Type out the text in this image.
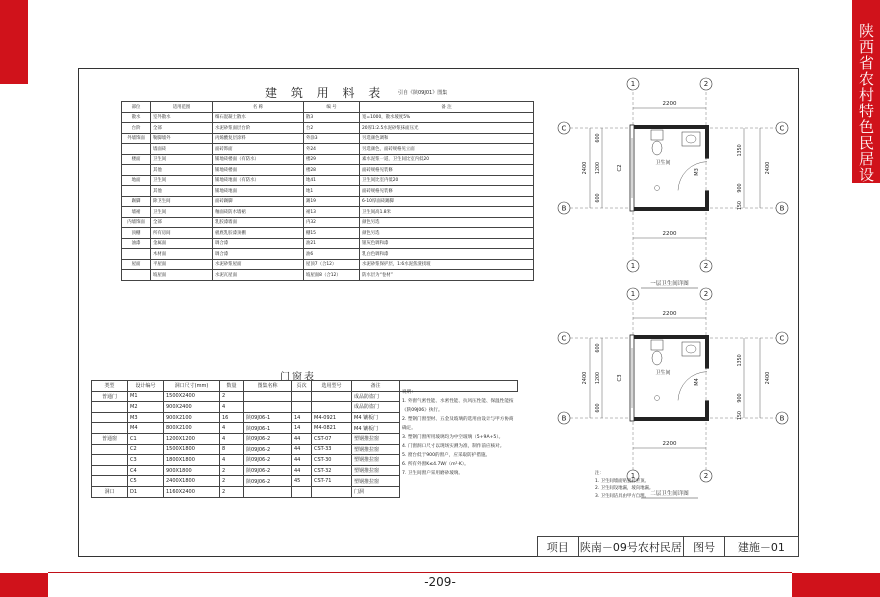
陕西省农村特色民居设计图集
-209-
建 筑 用 料 表	引自《陕09J01》图集
部位	适用范围	名 称	编 号	备 注
散水	室外散水	细石混凝土散水	散3	宽=1000，散水坡度5%
台阶	全部	水泥砂浆面层台阶	台2	20厚1:2.5水泥砂浆抹面压光
外墙饰面	勒脚墙外	丙烯酸复层涂料	外涂3	另选颜色调和
	墙面砖	面砖饰面	外24	另选颜色，面砖规格见立面
楼面	卫生间	铺地砖楼面（有防水）	楼29	素水泥浆一道，卫生间比室内低20
	其他	铺地砖楼面	楼28	面砖规格见装修
地面	卫生间	铺地砖地面（有防水）	地41	卫生间比室内低20
	其他	铺地砖地面	地1	面砖规格见装修
踢脚	除卫生间	面砖踢脚	踢19	6-10厚面砖踢脚
墙裙	卫生间	釉面砖防水墙裙	裙13	卫生间高1.8米
内墙饰面	全部	乳胶漆墙面	内32	颜色另选
顶棚	所有房间	板底乳胶漆顶棚	棚15	颜色另选
油漆	金属面	调合漆	油21	银灰色调和漆
	木材面	调合漆	油6	乳白色调和漆
屋面	平屋面	水泥砂浆屋面	屋顶7（合12）	水泥砂浆保护层，1:6水泥焦渣找坡
	坡屋面	水泥瓦屋面	坡屋面8（合12）	防水层为“卷材”
门窗表
类型	设计编号	洞口尺寸(mm)	数量	图集名称	页次	选用型号	备注	
普通门	M1	1500X2400	2				成品防盗门	
	M2	900X2400	4				成品防盗门	
	M3	900X2100	16	陕09J06-1	14	M4-0921	M4 镶板门	
	M4	800X2100	4	陕09J06-1	14	M4-0821	M4 镶板门	
普通窗	C1	1200X1200	4	陕09J06-2	44	CST-07	塑钢推拉窗	
	C2	1500X1800	8	陕09J06-2	44	CST-33	塑钢推拉窗	
	C3	1800X1800	4	陕09J06-2	44	CST-30	塑钢推拉窗	
	C4	900X1800	2	陕09J06-2	44	CST-32	塑钢推拉窗	
	C5	2400X1800	2	陕09J06-2	45	CST-71	塑钢推拉窗	
洞口	D1	1160X2400	2				门洞	
说明：
1. 外窗气密性能、水密性能、抗风压性能、保温性能按《陕09J06》执行。
2. 塑钢门窗型材、五金及玻璃的选用由设计与甲方协商确定。
3. 塑钢门窗所用玻璃均为中空玻璃（5+9A+5）。
4. 门窗洞口尺寸以现场实测为准，制作前应核对。
5. 窗台低于900的窗户，应采取防护措施。
6. 所有外窗K≤4.7W/（m²·K）。
7. 卫生间窗户采用磨砂玻璃。
1
1
2
2
C
B
C
B
2200
2200
C2
M3
卫生间
2400
600
1200
600
2400
1350
900
150
一层卫生间详图
1
1
2
2
C
B
C
B
2200
2200
C3
M4
卫生间
2400
600
1200
600
2400
1350
900
150
二层卫生间详图
注：
1. 卫生间墙面贴瓷砖至顶。
2. 卫生间设地漏，坡向地漏。
3. 卫生间洁具由甲方自理。
项目	陕南－09号农村民居	图号	建施－01
